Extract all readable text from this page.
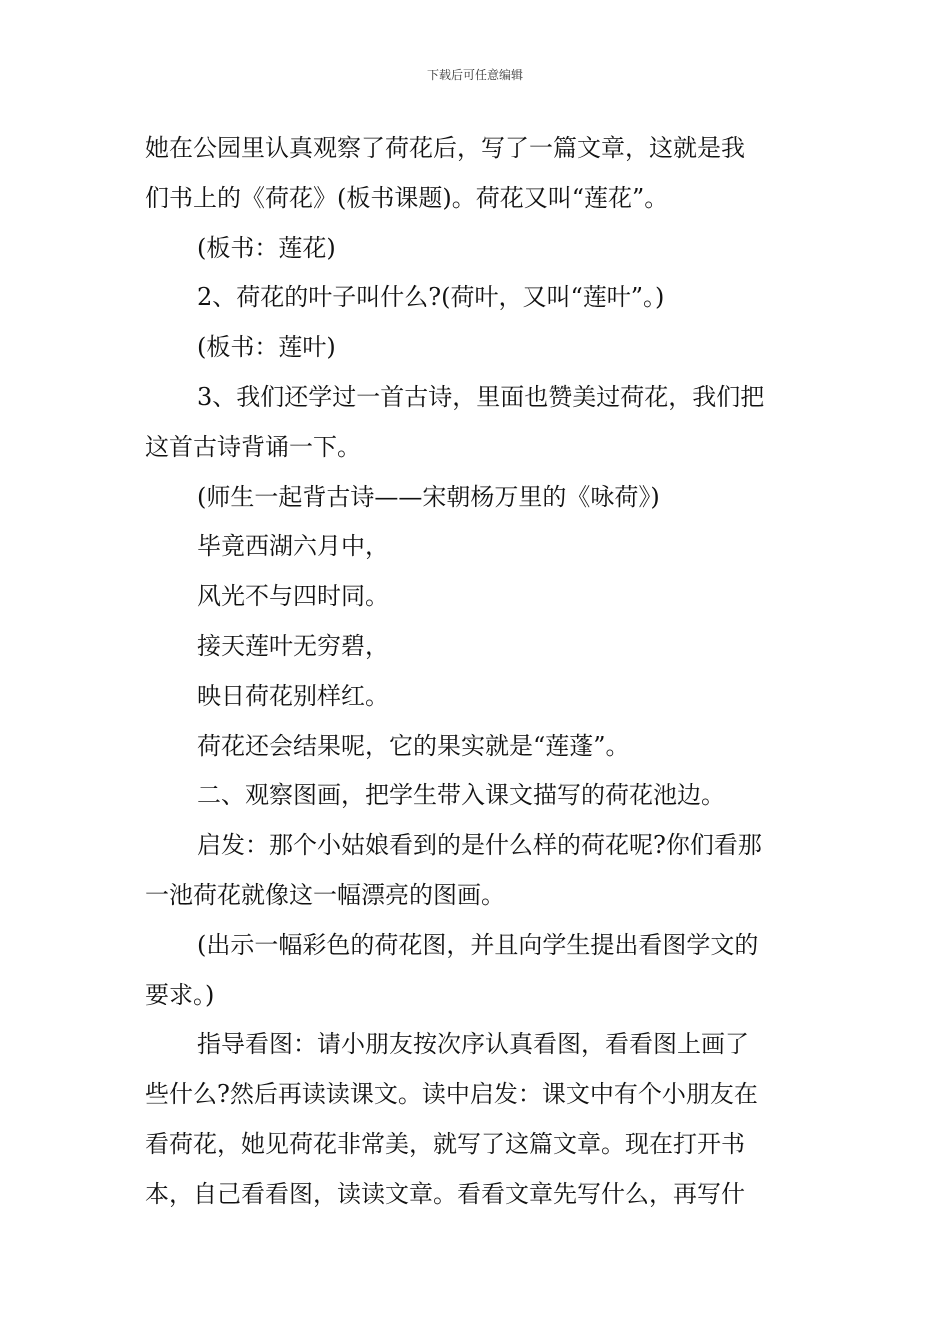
下载后可任意编辑
她在公园里认真观察了荷花后，写了一篇文章，这就是我
们书上的《荷花》(板书课题)。荷花又叫“莲花”。
(板书：莲花)
2、荷花的叶子叫什么?(荷叶，又叫“莲叶”。)
(板书：莲叶)
3、我们还学过一首古诗，里面也赞美过荷花，我们把
这首古诗背诵一下。
(师生一起背古诗——宋朝杨万里的《咏荷》)
毕竟西湖六月中，
风光不与四时同。
接天莲叶无穷碧，
映日荷花别样红。
荷花还会结果呢，它的果实就是“莲蓬”。
二、观察图画，把学生带入课文描写的荷花池边。
启发：那个小姑娘看到的是什么样的荷花呢?你们看那
一池荷花就像这一幅漂亮的图画。
(出示一幅彩色的荷花图，并且向学生提出看图学文的
要求。)
指导看图：请小朋友按次序认真看图，看看图上画了
些什么?然后再读读课文。读中启发：课文中有个小朋友在
看荷花，她见荷花非常美，就写了这篇文章。现在打开书
本，自己看看图，读读文章。看看文章先写什么，再写什
